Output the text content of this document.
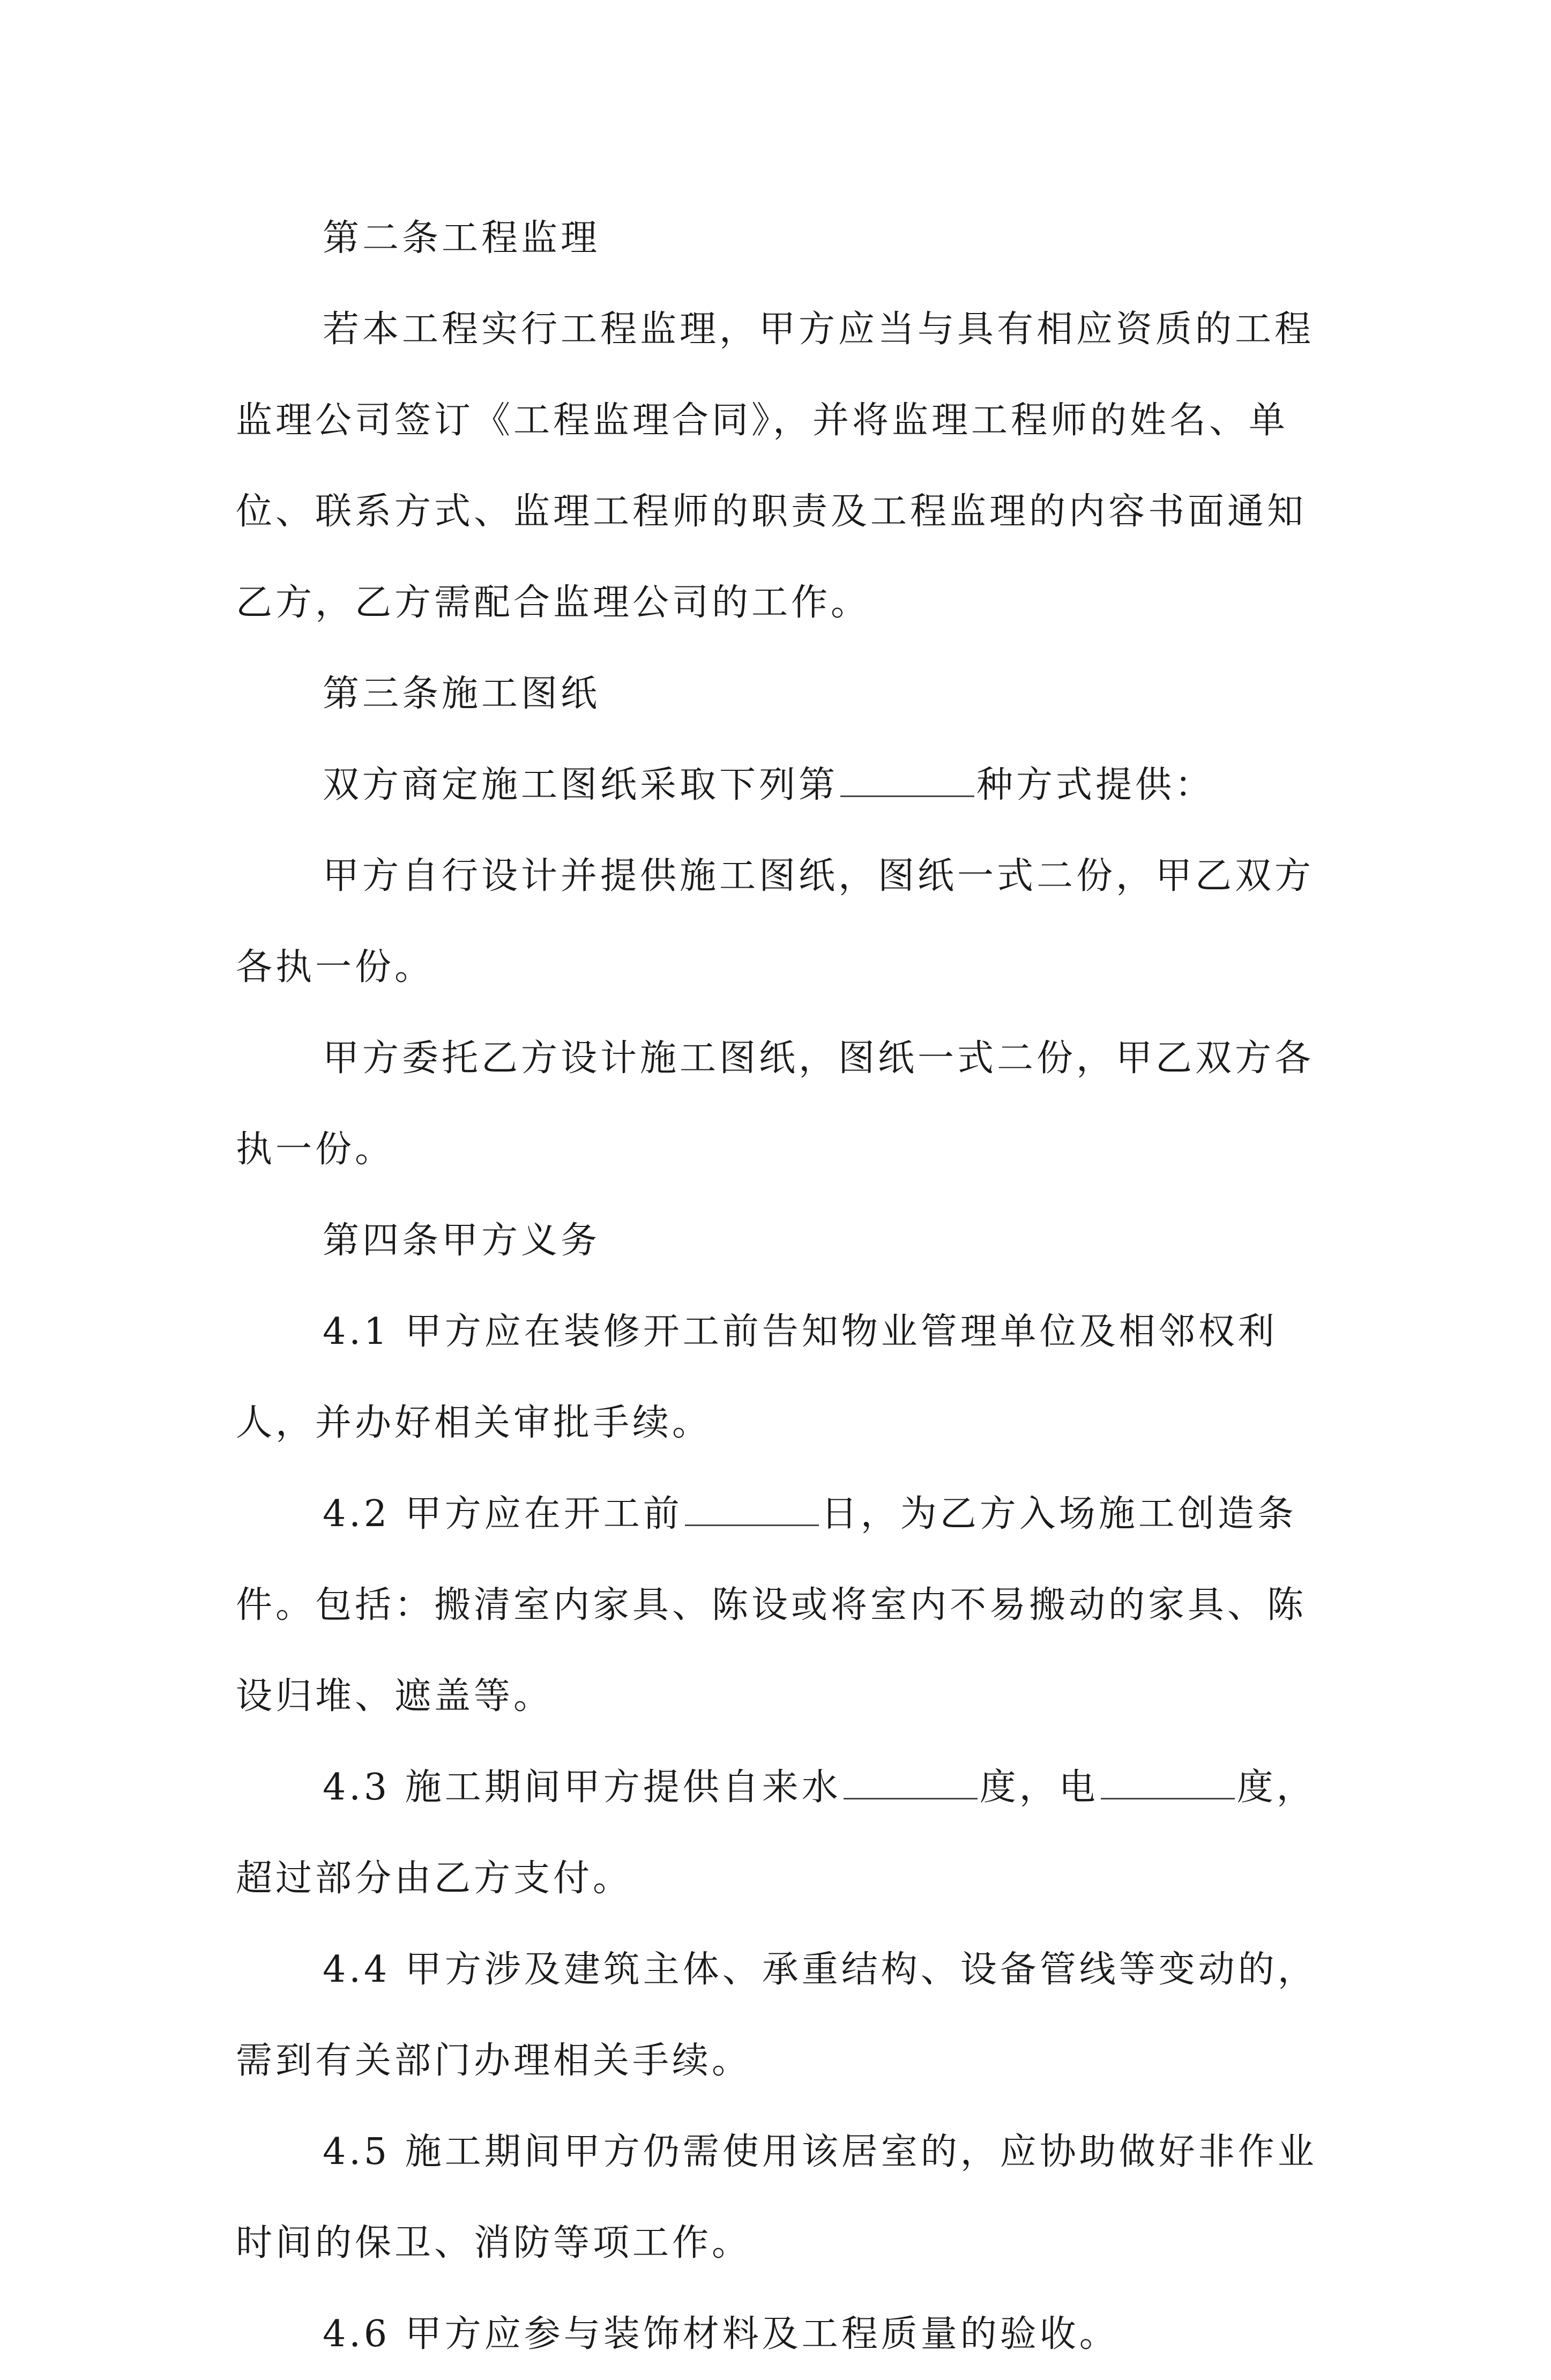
第二条工程监理

若本工程实行工程监理，甲方应当与具有相应资质的工程监理公司签订《工程监理合同》，并将监理工程师的姓名、单位、联系方式、监理工程师的职责及工程监理的内容书面通知乙方，乙方需配合监理公司的工作。

第三条施工图纸

双方商定施工图纸采取下列第	种方式提供：

甲方自行设计并提供施工图纸，图纸一式二份，甲乙双方各执一份。

甲方委托乙方设计施工图纸，图纸一式二份，甲乙双方各执一份。

第四条甲方义务

4.1 甲方应在装修开工前告知物业管理单位及相邻权利人，并办好相关审批手续。

4.2 甲方应在开工前	日，为乙方入场施工创造条件。包括：搬清室内家具、陈设或将室内不易搬动的家具、陈设归堆、遮盖等。

4.3 施工期间甲方提供自来水	度，电	度，超过部分由乙方支付。

4.4 甲方涉及建筑主体、承重结构、设备管线等变动的，需到有关部门办理相关手续。

4.5 施工期间甲方仍需使用该居室的，应协助做好非作业时间的保卫、消防等项工作。

4.6 甲方应参与装饰材料及工程质量的验收。
